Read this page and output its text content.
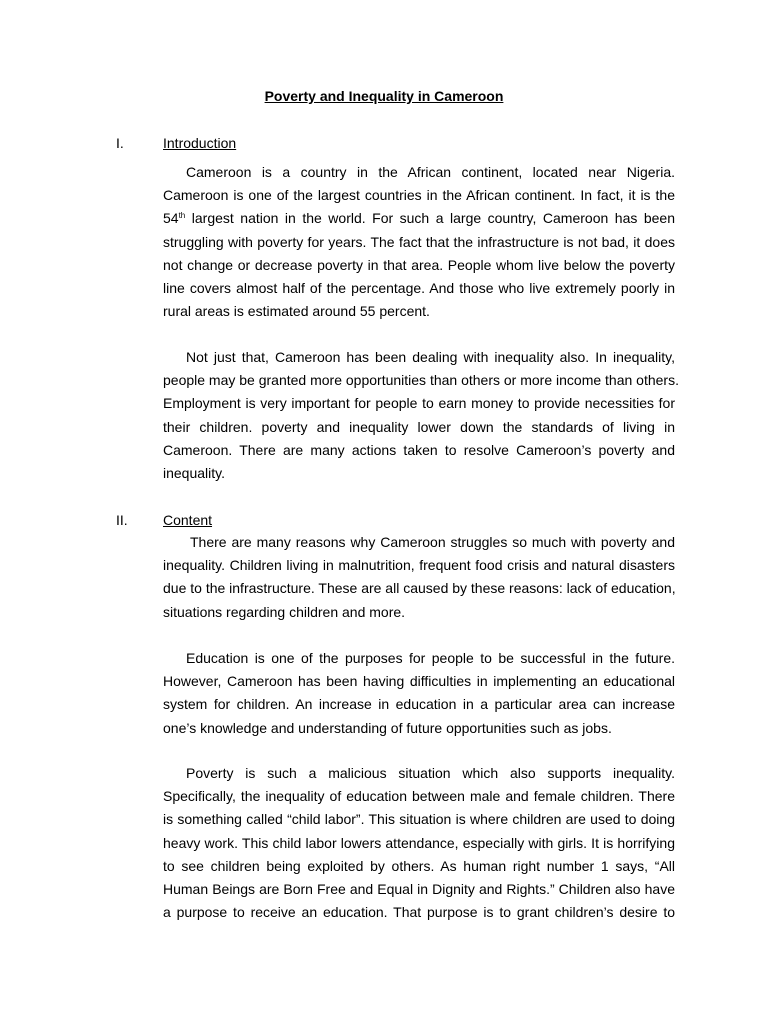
Poverty and Inequality in Cameroon
I.	Introduction
Cameroon is a country in the African continent, located near Nigeria.
Cameroon is one of the largest countries in the African continent. In fact, it is the
54th largest nation in the world. For such a large country, Cameroon has been
struggling with poverty for years. The fact that the infrastructure is not bad, it does
not change or decrease poverty in that area. People whom live below the poverty
line covers almost half of the percentage. And those who live extremely poorly in
rural areas is estimated around 55 percent.
Not just that, Cameroon has been dealing with inequality also. In inequality,
people may be granted more opportunities than others or more income than others.
Employment is very important for people to earn money to provide necessities for
their children. poverty and inequality lower down the standards of living in
Cameroon. There are many actions taken to resolve Cameroon’s poverty and
inequality.
II.	Content
There are many reasons why Cameroon struggles so much with poverty and
inequality. Children living in malnutrition, frequent food crisis and natural disasters
due to the infrastructure. These are all caused by these reasons: lack of education,
situations regarding children and more.
Education is one of the purposes for people to be successful in the future.
However, Cameroon has been having difficulties in implementing an educational
system for children. An increase in education in a particular area can increase
one’s knowledge and understanding of future opportunities such as jobs.
Poverty is such a malicious situation which also supports inequality.
Specifically, the inequality of education between male and female children. There
is something called “child labor”. This situation is where children are used to doing
heavy work. This child labor lowers attendance, especially with girls. It is horrifying
to see children being exploited by others. As human right number 1 says, “All
Human Beings are Born Free and Equal in Dignity and Rights.” Children also have
a purpose to receive an education. That purpose is to grant children’s desire to
